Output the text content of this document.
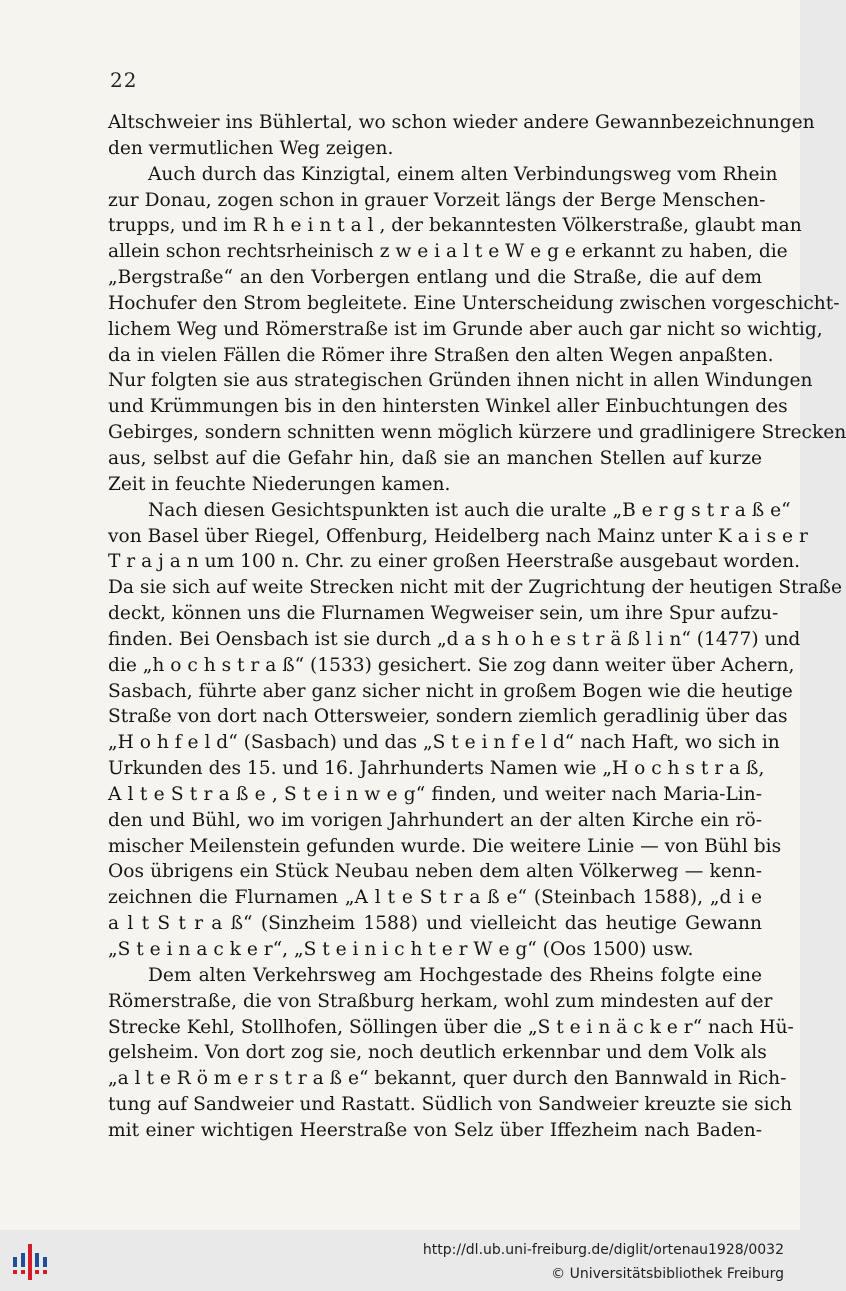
22
Altschweier ins Bühlertal, wo schon wieder andere Gewannbezeichnungen
den vermutlichen Weg zeigen.
Auch durch das Kinzigtal, einem alten Verbindungsweg vom Rhein
zur Donau, zogen schon in grauer Vorzeit längs der Berge Menschen-
trupps, und im R h e i n t a l , der bekanntesten Völkerstraße, glaubt man
allein schon rechtsrheinisch z w e i a l t e W e g e erkannt zu haben, die
„Bergstraße“ an den Vorbergen entlang und die Straße, die auf dem
Hochufer den Strom begleitete. Eine Unterscheidung zwischen vorgeschicht-
lichem Weg und Römerstraße ist im Grunde aber auch gar nicht so wichtig,
da in vielen Fällen die Römer ihre Straßen den alten Wegen anpaßten.
Nur folgten sie aus strategischen Gründen ihnen nicht in allen Windungen
und Krümmungen bis in den hintersten Winkel aller Einbuchtungen des
Gebirges, sondern schnitten wenn möglich kürzere und gradlinigere Strecken
aus, selbst auf die Gefahr hin, daß sie an manchen Stellen auf kurze
Zeit in feuchte Niederungen kamen.
Nach diesen Gesichtspunkten ist auch die uralte „B e r g s t r a ß e“
von Basel über Riegel, Offenburg, Heidelberg nach Mainz unter K a i s e r
T r a j a n um 100 n. Chr. zu einer großen Heerstraße ausgebaut worden.
Da sie sich auf weite Strecken nicht mit der Zugrichtung der heutigen Straße
deckt, können uns die Flurnamen Wegweiser sein, um ihre Spur aufzu-
finden. Bei Oensbach ist sie durch „d a s h o h e s t r ä ß l i n“ (1477) und
die „h o c h s t r a ß“ (1533) gesichert. Sie zog dann weiter über Achern,
Sasbach, führte aber ganz sicher nicht in großem Bogen wie die heutige
Straße von dort nach Ottersweier, sondern ziemlich geradlinig über das
„H o h f e l d“ (Sasbach) und das „S t e i n f e l d“ nach Haft, wo sich in
Urkunden des 15. und 16. Jahrhunderts Namen wie „H o c h s t r a ß,
A l t e S t r a ß e , S t e i n w e g“ finden, und weiter nach Maria-Lin-
den und Bühl, wo im vorigen Jahrhundert an der alten Kirche ein rö-
mischer Meilenstein gefunden wurde. Die weitere Linie — von Bühl bis
Oos übrigens ein Stück Neubau neben dem alten Völkerweg — kenn-
zeichnen die Flurnamen „A l t e S t r a ß e“ (Steinbach 1588), „d i e
a l t S t r a ß“ (Sinzheim 1588) und vielleicht das heutige Gewann
„S t e i n a c k e r“, „S t e i n i c h t e r W e g“ (Oos 1500) usw.
Dem alten Verkehrsweg am Hochgestade des Rheins folgte eine
Römerstraße, die von Straßburg herkam, wohl zum mindesten auf der
Strecke Kehl, Stollhofen, Söllingen über die „S t e i n ä c k e r“ nach Hü-
gelsheim. Von dort zog sie, noch deutlich erkennbar und dem Volk als
„a l t e R ö m e r s t r a ß e“ bekannt, quer durch den Bannwald in Rich-
tung auf Sandweier und Rastatt. Südlich von Sandweier kreuzte sie sich
mit einer wichtigen Heerstraße von Selz über Iffezheim nach Baden-
http://dl.ub.uni-freiburg.de/diglit/ortenau1928/0032
© Universitätsbibliothek Freiburg
